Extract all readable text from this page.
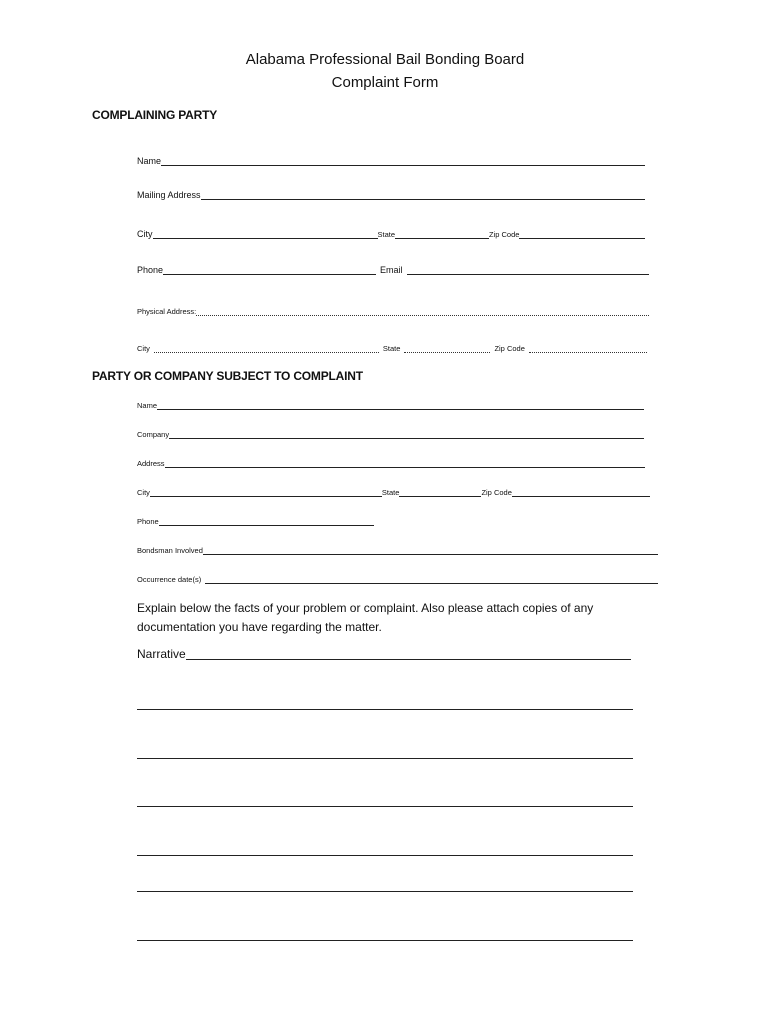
Alabama Professional Bail Bonding Board
Complaint Form
COMPLAINING PARTY
Name
Mailing Address
City	State	Zip Code
Phone	Email
Physical Address:
City	State	Zip Code
PARTY OR COMPANY SUBJECT TO COMPLAINT
Name
Company
Address
City	State	Zip Code
Phone
Bondsman Involved
Occurrence date(s)
Explain below the facts of your problem or complaint. Also please attach copies of any documentation you have regarding the matter.
Narrative
